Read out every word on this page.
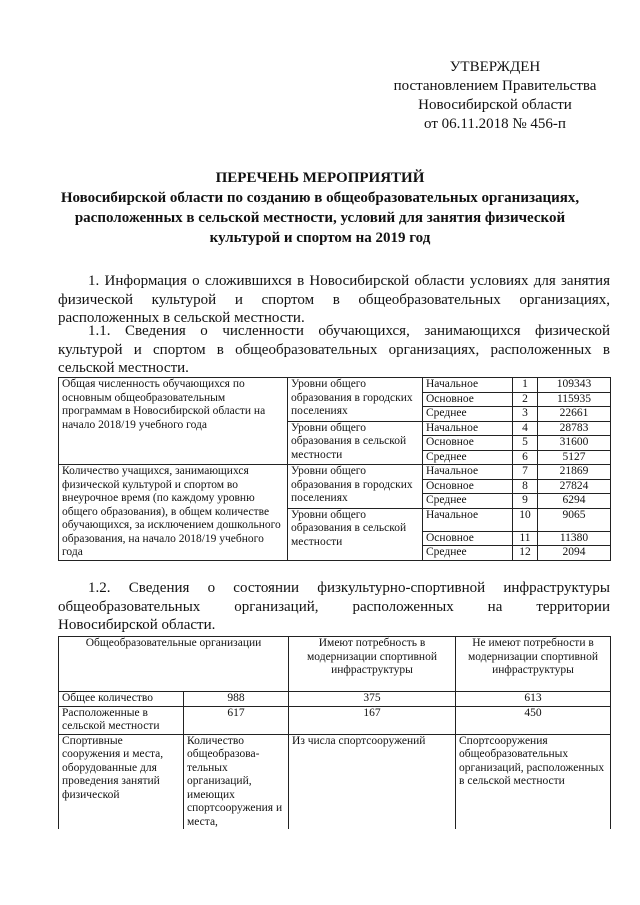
УТВЕРЖДЕН
постановлением Правительства
Новосибирской области
от 06.11.2018 № 456-п
ПЕРЕЧЕНЬ МЕРОПРИЯТИЙ
Новосибирской области по созданию в общеобразовательных организациях,
расположенных в сельской местности, условий для занятия физической
культурой и спортом на 2019 год
1. Информация о сложившихся в Новосибирской области условиях для занятия физической культурой и спортом в общеобразовательных организациях, расположенных в сельской местности.
1.1. Сведения о численности обучающихся, занимающихся физической культурой и спортом в общеобразовательных организациях, расположенных в сельской местности.
Общая численность обучающихся по основным общеобразовательным программам в Новосибирской области на начало 2018/19 учебного года	Уровни общего образования в городских поселениях	Начальное	1	109343
		Основное	2	115935
		Среднее	3	22661
	Уровни общего образования в сельской местности	Начальное	4	28783
		Основное	5	31600
		Среднее	6	5127
Количество учащихся, занимающихся физической культурой и спортом во внеурочное время (по каждому уровню общего образования), в общем количестве обучающихся, за исключением дошкольного образования, на начало 2018/19 учебного года	Уровни общего образования в городских поселениях	Начальное	7	21869
		Основное	8	27824
		Среднее	9	6294
	Уровни общего образования в сельской местности	Начальное	10	9065
		Основное	11	11380
		Среднее	12	2094
1.2. Сведения о состоянии физкультурно-спортивной инфраструктуры
общеобразовательных организаций, расположенных на территории
Новосибирской области.
Общеобразовательные организации		Имеют потребность в модернизации спортивной инфраструктуры	Не имеют потребности в модернизации спортивной инфраструктуры
Общее количество	988	375	613
Расположенные в сельской местности	617	167	450
Спортивные сооружения и места, оборудованные для проведения занятий физической	Количество общеобразова-тельных организаций, имеющих спортсооружения и места,	Из числа спортсооружений	Спортсооружения общеобразовательных организаций, расположенных в сельской местности
